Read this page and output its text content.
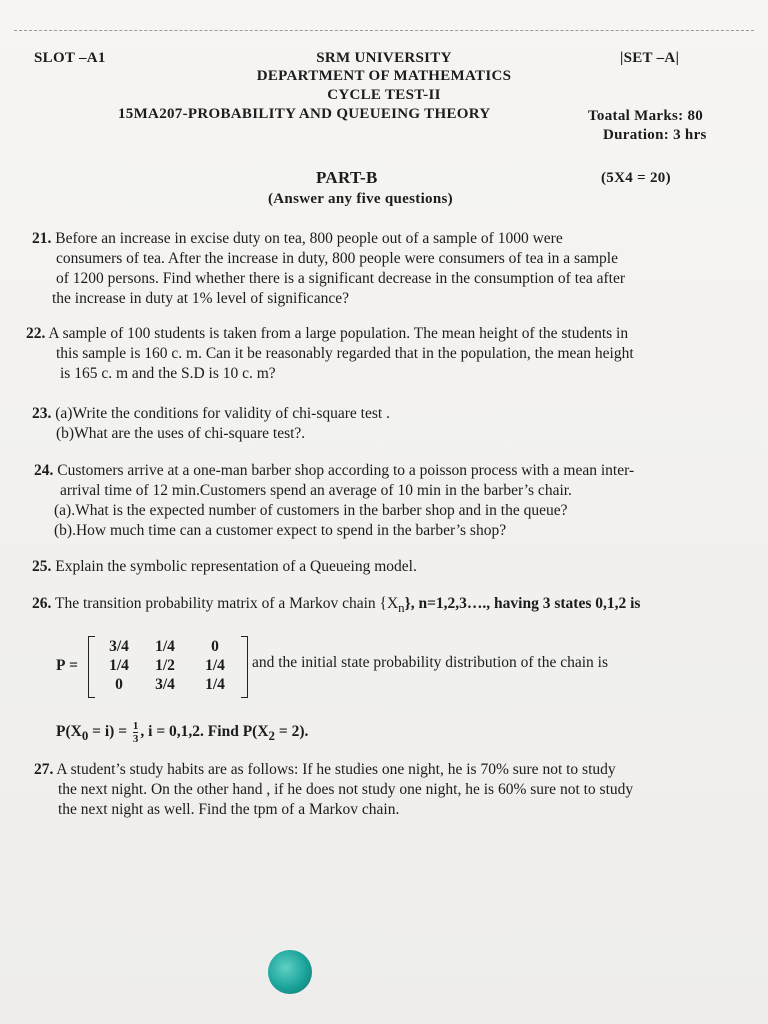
SLOT –A1	|SET –A|
SRM UNIVERSITY
DEPARTMENT OF MATHEMATICS
CYCLE TEST-II
15MA207-PROBABILITY AND QUEUEING THEORY	Toatal Marks: 80
Duration: 3 hrs
PART-B	(5X4 = 20)
(Answer any five questions)
21. Before an increase in excise duty on tea, 800 people out of a sample of 1000 were
consumers of tea. After the increase in duty, 800 people were consumers of tea in a sample
of 1200 persons. Find whether there is a significant decrease in the consumption of tea after
the increase in duty at 1% level of significance?
22. A sample of 100 students is taken from a large population. The mean height of the students in
this sample is 160 c. m. Can it be reasonably regarded that in the population, the mean height
is 165 c. m and the S.D is 10 c. m?
23. (a)Write the conditions for validity of chi-square test .
(b)What are the uses of chi-square test?.
24. Customers arrive at a one-man barber shop according to a poisson process with a mean inter-
arrival time of 12 min.Customers spend an average of 10 min in the barber’s chair.
(a).What is the expected number of customers in the barber shop and in the queue?
(b).How much time can a customer expect to spend in the barber’s shop?
25. Explain the symbolic representation of a Queueing model.
26. The transition probability matrix of a Markov chain $\{X_n\}$, n=1,2,3…., having 3 states 0,1,2 is
P =
3/4	1/4	0
1/4	1/2	1/4
0	3/4	1/4
and the initial state probability distribution of the chain is
$P(X_0 = i) = \frac{1}{3}$ , i = 0,1,2. Find $P(X_2 = 2)$.
27. A student’s study habits are as follows: If he studies one night, he is 70% sure not to study
the next night. On the other hand , if he does not study one night, he is 60% sure not to study
the next night as well. Find the tpm of a Markov chain.
